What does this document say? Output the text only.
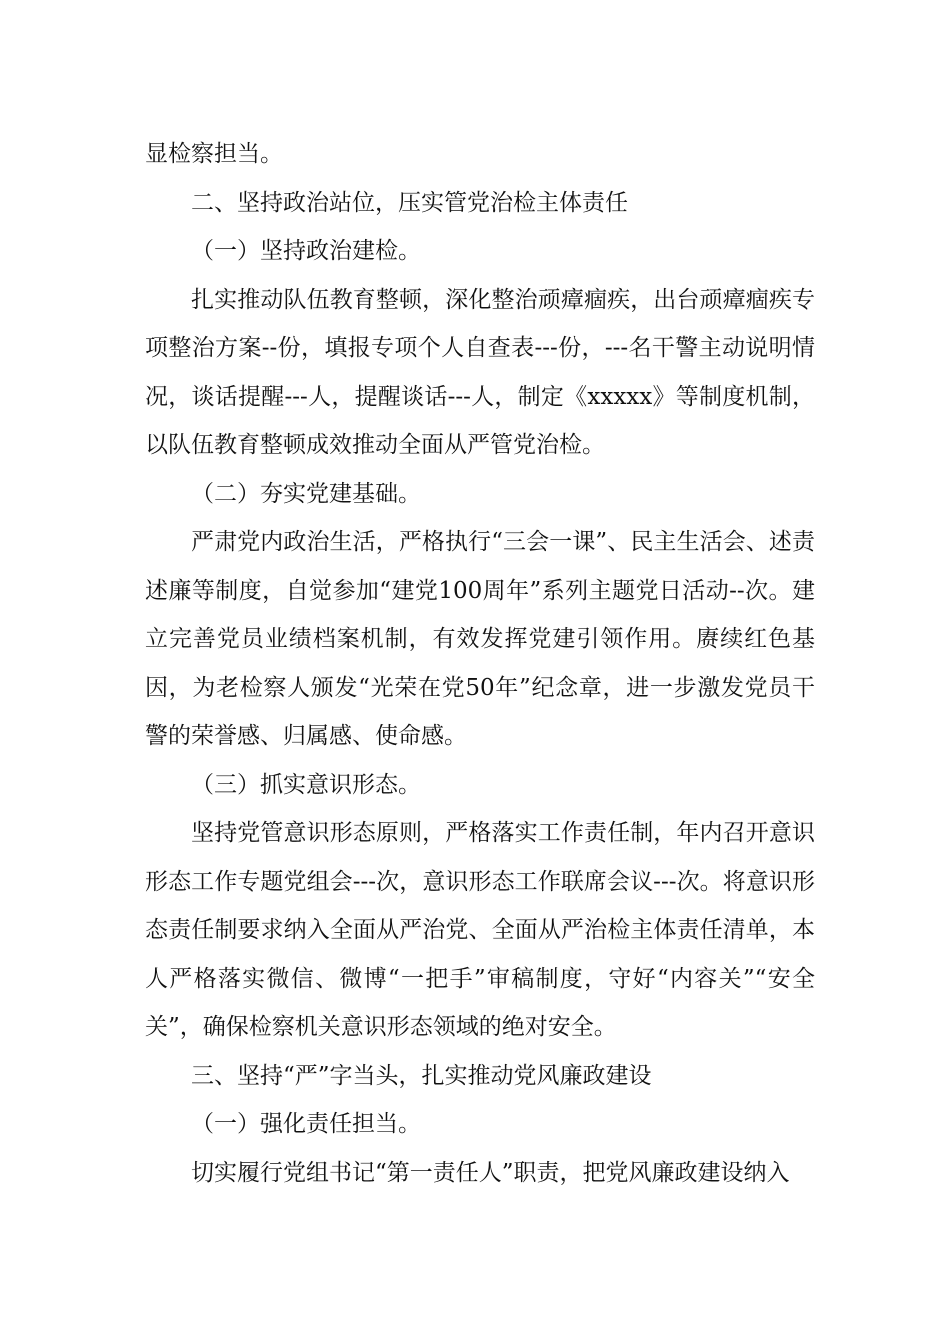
显检察担当。

二、坚持政治站位，压实管党治检主体责任

（一）坚持政治建检。

扎实推动队伍教育整顿，深化整治顽瘴痼疾，出台顽瘴痼疾专项整治方案--份，填报专项个人自查表---份，---名干警主动说明情况，谈话提醒---人，提醒谈话---人，制定《xxxxx》等制度机制，以队伍教育整顿成效推动全面从严管党治检。

（二）夯实党建基础。

严肃党内政治生活，严格执行“三会一课”、民主生活会、述责述廉等制度，自觉参加“建党100周年”系列主题党日活动--次。建立完善党员业绩档案机制，有效发挥党建引领作用。赓续红色基因，为老检察人颁发“光荣在党50年”纪念章，进一步激发党员干警的荣誉感、归属感、使命感。

（三）抓实意识形态。

坚持党管意识形态原则，严格落实工作责任制，年内召开意识形态工作专题党组会---次，意识形态工作联席会议---次。将意识形态责任制要求纳入全面从严治党、全面从严治检主体责任清单，本人严格落实微信、微博“一把手”审稿制度，守好“内容关”“安全关”，确保检察机关意识形态领域的绝对安全。

三、坚持“严”字当头，扎实推动党风廉政建设

（一）强化责任担当。

切实履行党组书记“第一责任人”职责，把党风廉政建设纳入
